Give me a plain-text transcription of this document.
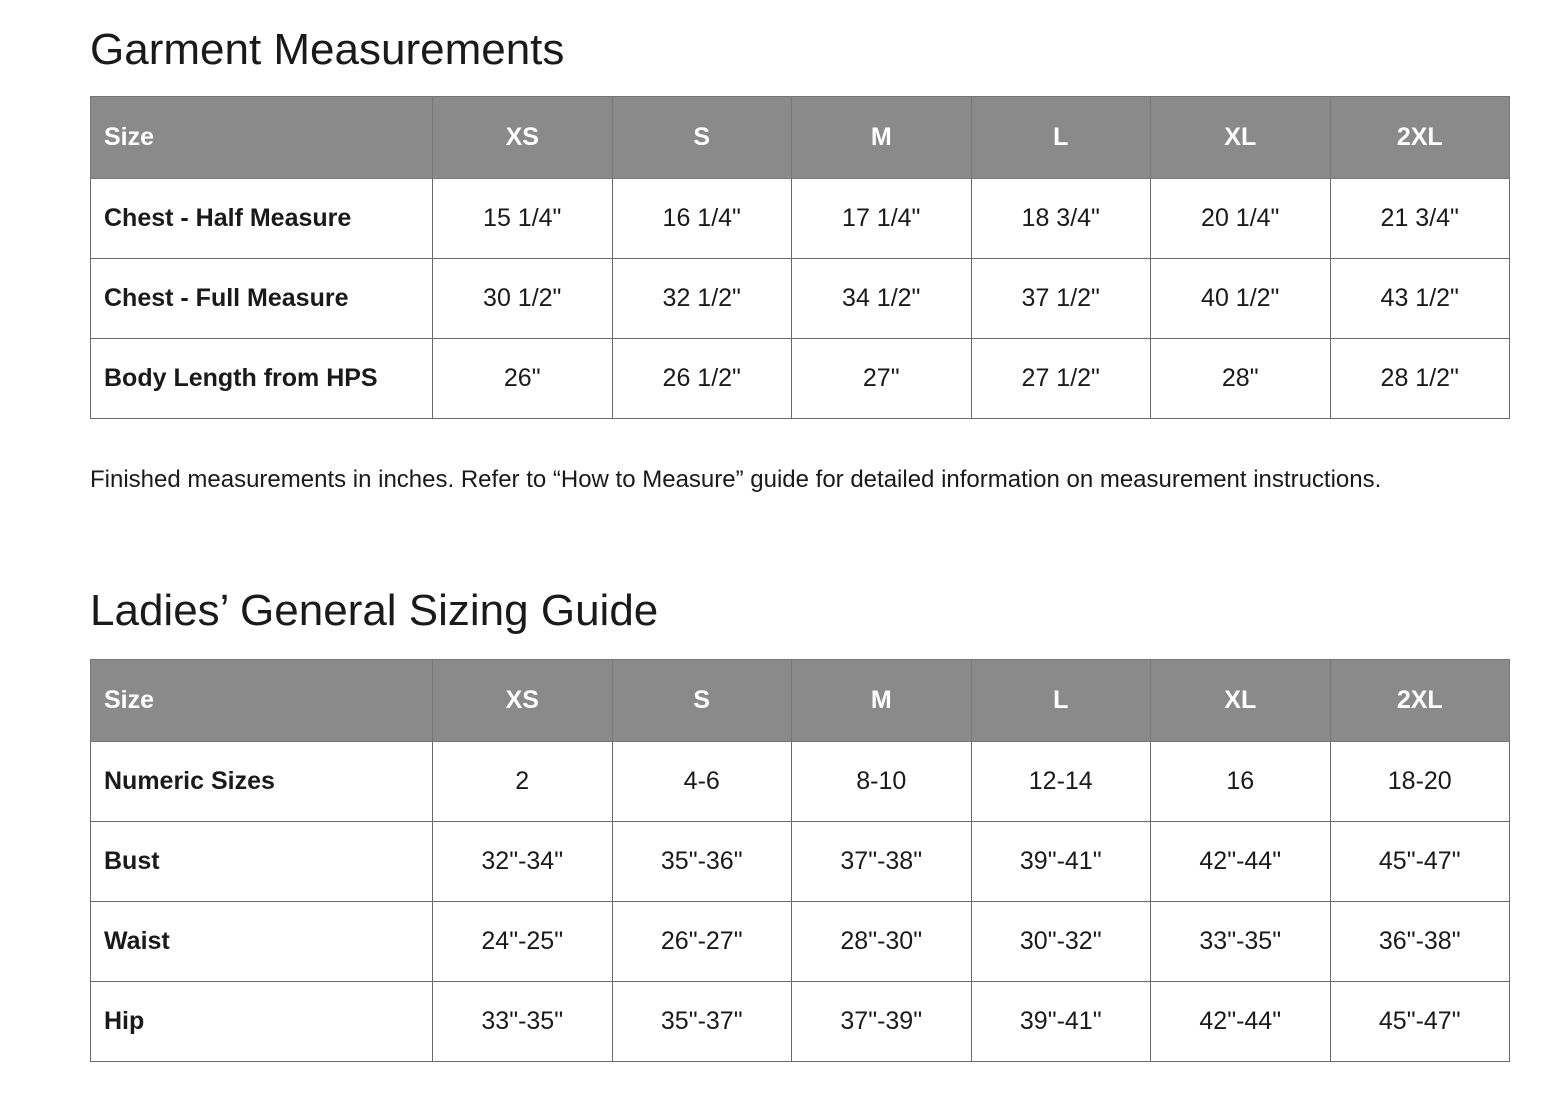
Garment Measurements
Size	XS	S	M	L	XL	2XL
Chest - Half Measure	15 1/4"	16 1/4"	17 1/4"	18 3/4"	20 1/4"	21 3/4"
Chest - Full Measure	30 1/2"	32 1/2"	34 1/2"	37 1/2"	40 1/2"	43 1/2"
Body Length from HPS	26"	26 1/2"	27"	27 1/2"	28"	28 1/2"

Finished measurements in inches. Refer to “How to Measure” guide for detailed information on measurement instructions.

Ladies’ General Sizing Guide
Size	XS	S	M	L	XL	2XL
Numeric Sizes	2	4-6	8-10	12-14	16	18-20
Bust	32"-34"	35"-36"	37"-38"	39"-41"	42"-44"	45"-47"
Waist	24"-25"	26"-27"	28"-30"	30"-32"	33"-35"	36"-38"
Hip	33"-35"	35"-37"	37"-39"	39"-41"	42"-44"	45"-47"
